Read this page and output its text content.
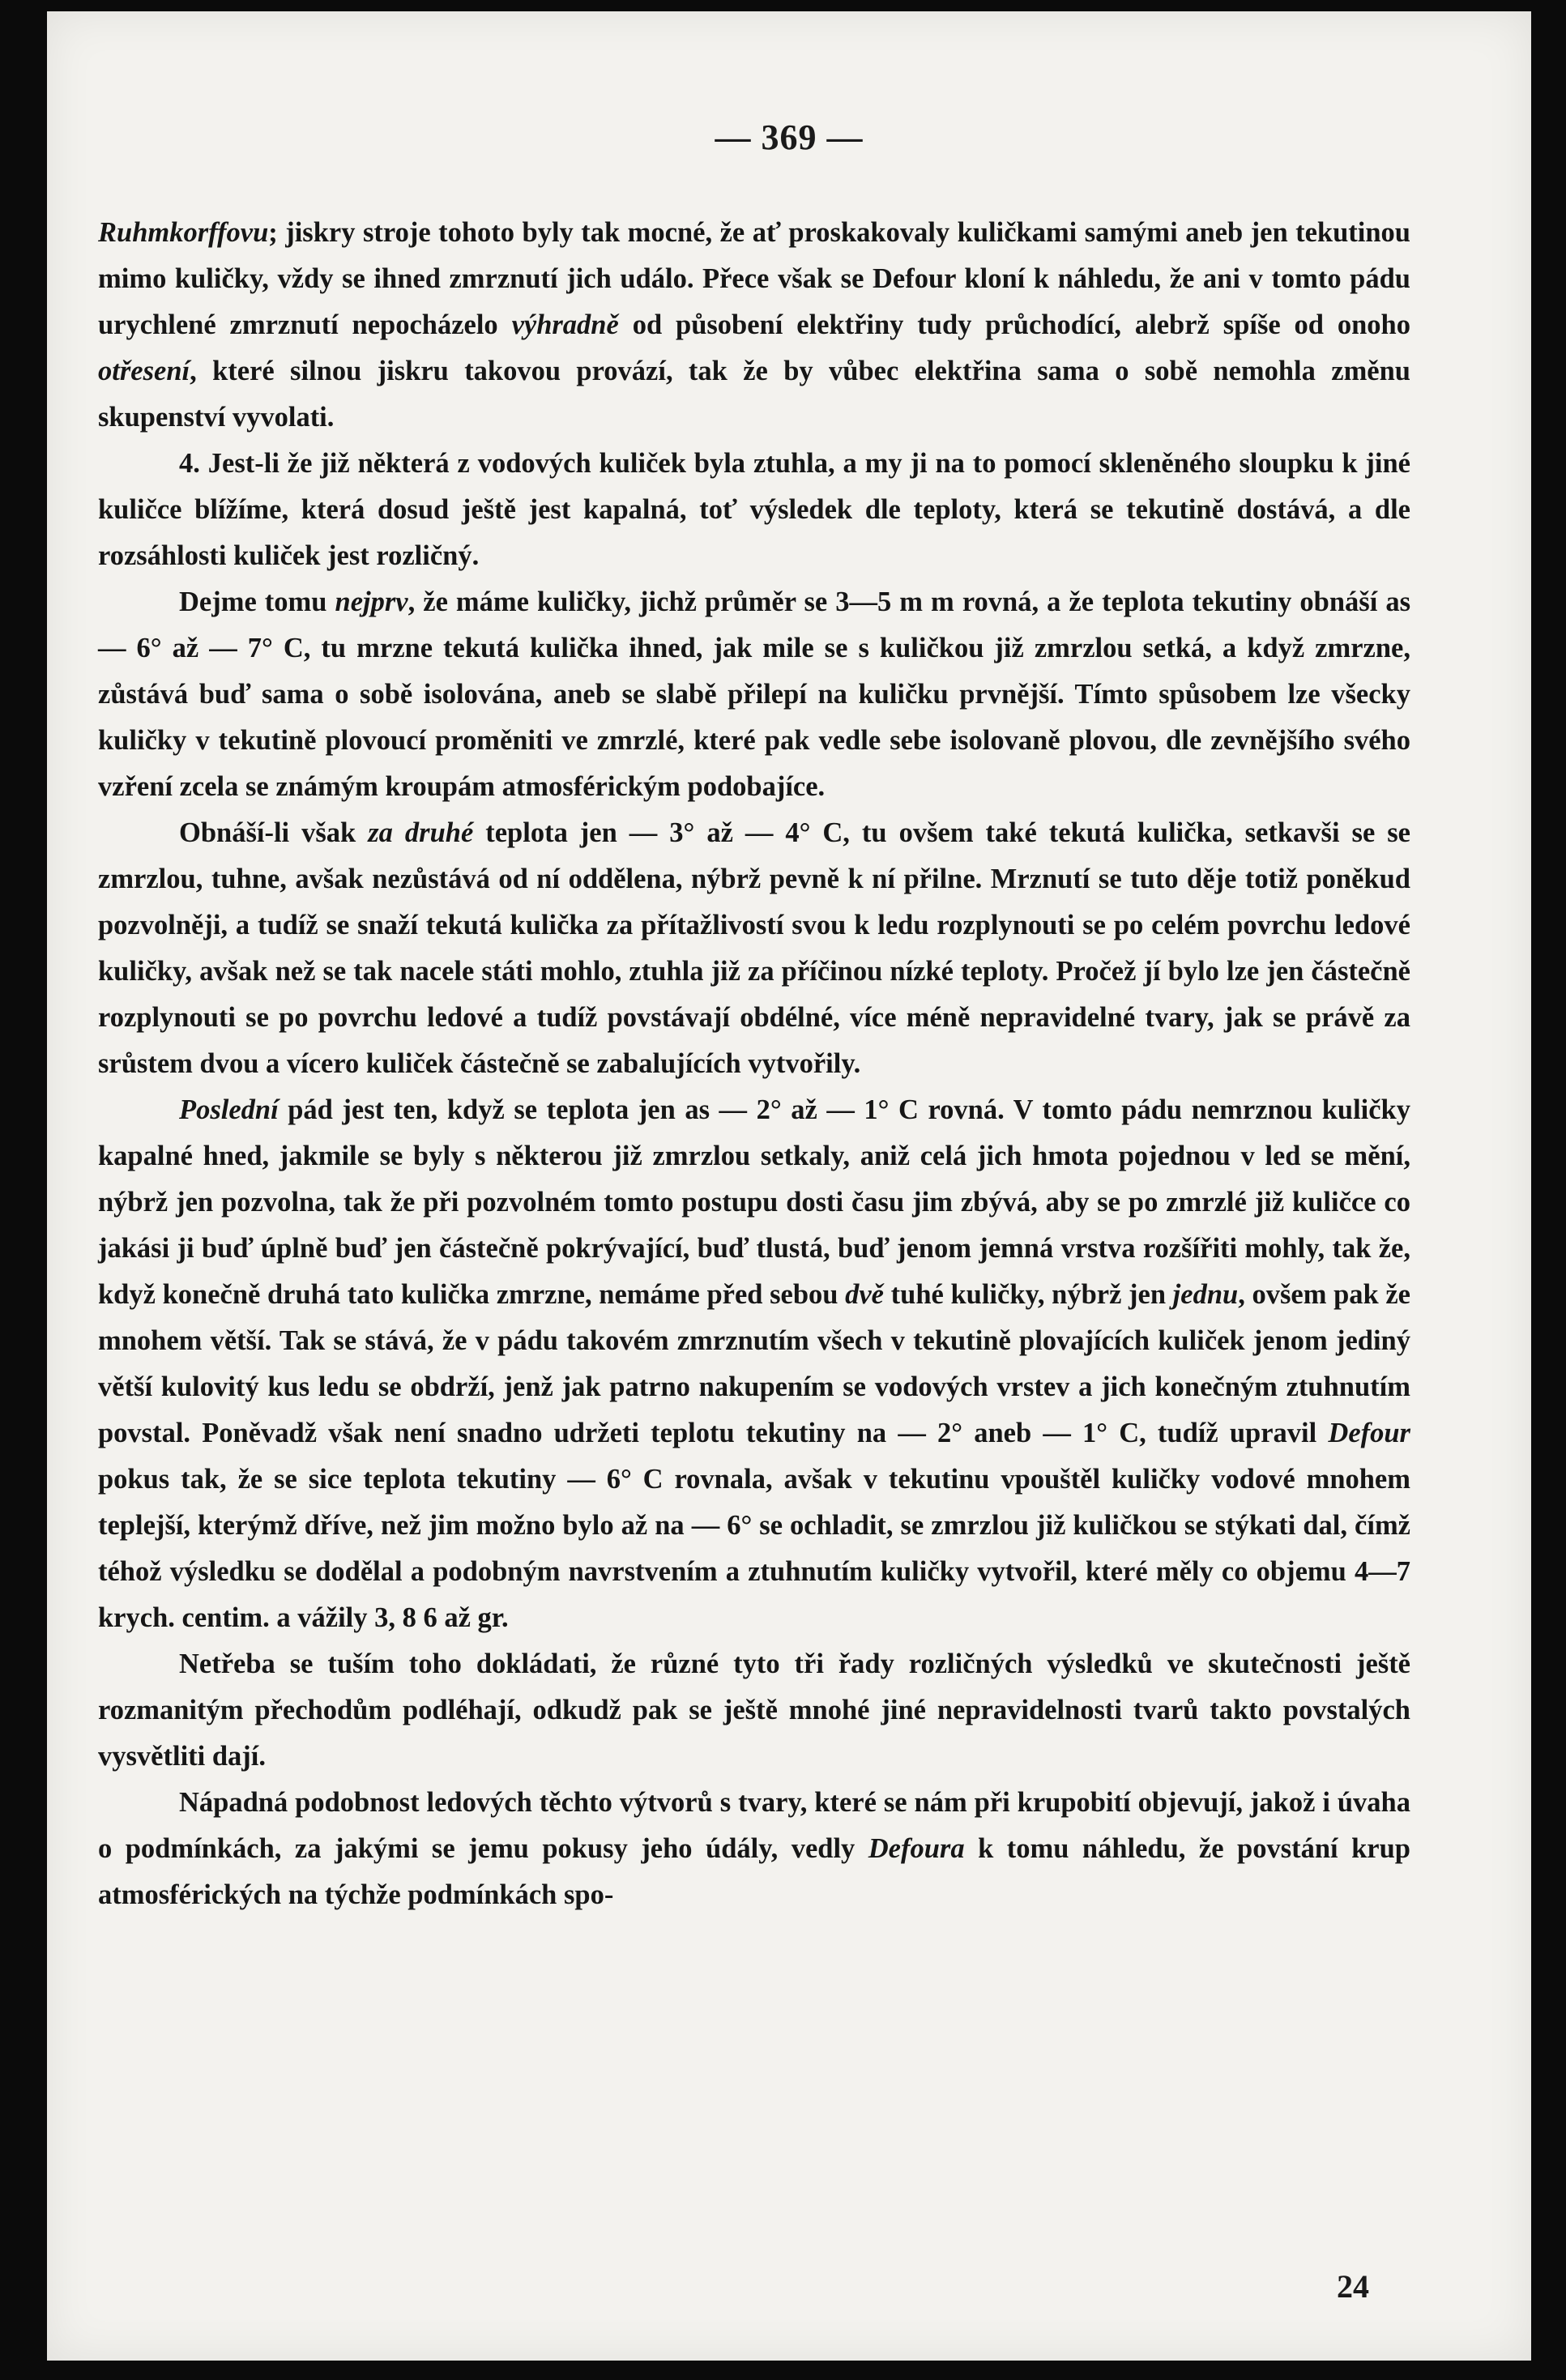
— 369 —

Ruhmkorffovu; jiskry stroje tohoto byly tak mocné, že ať proskakovaly kuličkami samými aneb jen tekutinou mimo kuličky, vždy se ihned zmrznutí jich událo. Přece však se Defour kloní k náhledu, že ani v tomto pádu urychlené zmrznutí nepocházelo výhradně od působení elektřiny tudy průchodící, alebrž spíše od onoho otřesení, které silnou jiskru takovou provází, tak že by vůbec elektřina sama o sobě nemohla změnu skupenství vyvolati.

4. Jest-li že již některá z vodových kuliček byla ztuhla, a my ji na to pomocí skleněného sloupku k jiné kuličce blížíme, která dosud ještě jest kapalná, toť výsledek dle teploty, která se tekutině dostává, a dle rozsáhlosti kuliček jest rozličný.

Dejme tomu nejprv, že máme kuličky, jichž průměr se 3—5 m m rovná, a že teplota tekutiny obnáší as — 6° až — 7° C, tu mrzne tekutá kulička ihned, jak mile se s kuličkou již zmrzlou setká, a když zmrzne, zůstává buď sama o sobě isolována, aneb se slabě přilepí na kuličku prvnější. Tímto spůsobem lze všecky kuličky v tekutině plovoucí proměniti ve zmrzlé, které pak vedle sebe isolovaně plovou, dle zevnějšího svého vzření zcela se známým kroupám atmosférickým podobajíce.

Obnáší-li však za druhé teplota jen — 3° až — 4° C, tu ovšem také tekutá kulička, setkavši se se zmrzlou, tuhne, avšak nezůstává od ní oddělena, nýbrž pevně k ní přilne. Mrznutí se tuto děje totiž poněkud pozvolněji, a tudíž se snaží tekutá kulička za přítažlivostí svou k ledu rozplynouti se po celém povrchu ledové kuličky, avšak než se tak nacele státi mohlo, ztuhla již za příčinou nízké teploty. Pročež jí bylo lze jen částečně rozplynouti se po povrchu ledové a tudíž povstávají obdélné, více méně nepravidelné tvary, jak se právě za srůstem dvou a vícero kuliček částečně se zabalujících vytvořily.

Poslední pád jest ten, když se teplota jen as — 2° až — 1° C rovná. V tomto pádu nemrznou kuličky kapalné hned, jakmile se byly s některou již zmrzlou setkaly, aniž celá jich hmota pojednou v led se mění, nýbrž jen pozvolna, tak že při pozvolném tomto postupu dosti času jim zbývá, aby se po zmrzlé již kuličce co jakási ji buď úplně buď jen částečně pokrývající, buď tlustá, buď jenom jemná vrstva rozšířiti mohly, tak že, když konečně druhá tato kulička zmrzne, nemáme před sebou dvě tuhé kuličky, nýbrž jen jednu, ovšem pak že mnohem větší. Tak se stává, že v pádu takovém zmrznutím všech v tekutině plovajících kuliček jenom jediný větší kulovitý kus ledu se obdrží, jenž jak patrno nakupením se vodových vrstev a jich konečným ztuhnutím povstal. Poněvadž však není snadno udržeti teplotu tekutiny na — 2° aneb — 1° C, tudíž upravil Defour pokus tak, že se sice teplota tekutiny — 6° C rovnala, avšak v tekutinu vpouštěl kuličky vodové mnohem teplejší, kterýmž dříve, než jim možno bylo až na — 6° se ochladit, se zmrzlou již kuličkou se stýkati dal, čímž téhož výsledku se dodělal a podobným navrstvením a ztuhnutím kuličky vytvořil, které měly co objemu 4—7 krych. centim. a vážily 3, 8 6 až gr.

Netřeba se tuším toho dokládati, že různé tyto tři řady rozličných výsledků ve skutečnosti ještě rozmanitým přechodům podléhají, odkudž pak se ještě mnohé jiné nepravidelnosti tvarů takto povstalých vysvětliti dají.

Nápadná podobnost ledových těchto výtvorů s tvary, které se nám při krupobití objevují, jakož i úvaha o podmínkách, za jakými se jemu pokusy jeho údály, vedly Defoura k tomu náhledu, že povstání krup atmosférických na týchže podmínkách spo-

24
